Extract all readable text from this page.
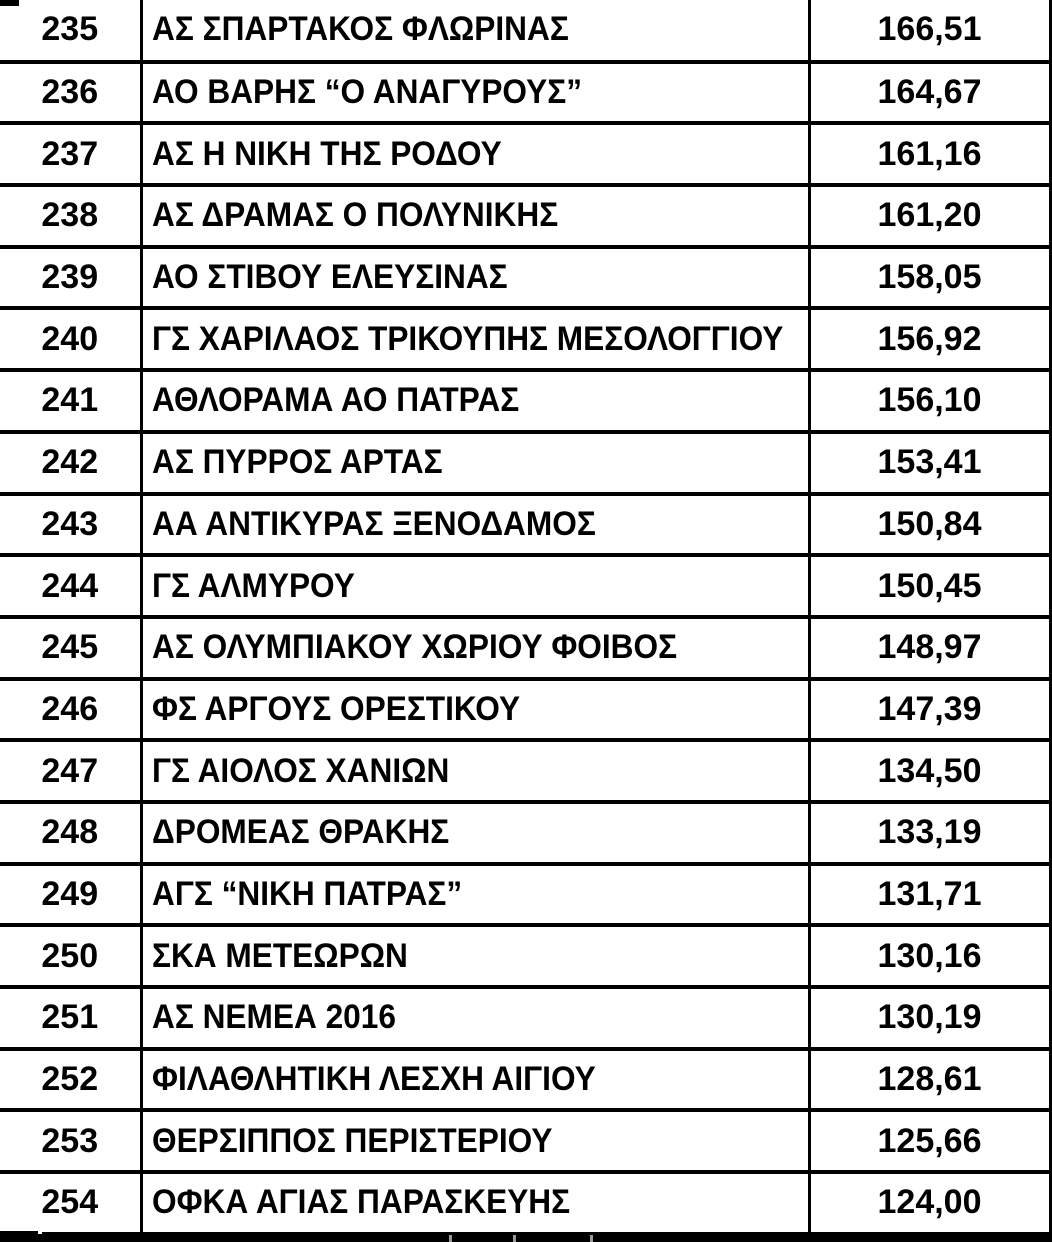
235	ΑΣ ΣΠΑΡΤΑΚΟΣ ΦΛΩΡΙΝΑΣ	166,51
236	ΑΟ ΒΑΡΗΣ “Ο ΑΝΑΓΥΡΟΥΣ”	164,67
237	ΑΣ Η ΝΙΚΗ ΤΗΣ ΡΟΔΟΥ	161,16
238	ΑΣ ΔΡΑΜΑΣ Ο ΠΟΛΥΝΙΚΗΣ	161,20
239	ΑΟ ΣΤΙΒΟΥ ΕΛΕΥΣΙΝΑΣ	158,05
240	ΓΣ ΧΑΡΙΛΑΟΣ ΤΡΙΚΟΥΠΗΣ ΜΕΣΟΛΟΓΓΙΟΥ	156,92
241	ΑΘΛΟΡΑΜΑ ΑΟ ΠΑΤΡΑΣ	156,10
242	ΑΣ ΠΥΡΡΟΣ ΑΡΤΑΣ	153,41
243	ΑΑ ΑΝΤΙΚΥΡΑΣ ΞΕΝΟΔΑΜΟΣ	150,84
244	ΓΣ ΑΛΜΥΡΟΥ	150,45
245	ΑΣ ΟΛΥΜΠΙΑΚΟΥ ΧΩΡΙΟΥ ΦΟΙΒΟΣ	148,97
246	ΦΣ ΑΡΓΟΥΣ ΟΡΕΣΤΙΚΟΥ	147,39
247	ΓΣ ΑΙΟΛΟΣ ΧΑΝΙΩΝ	134,50
248	ΔΡΟΜΕΑΣ ΘΡΑΚΗΣ	133,19
249	ΑΓΣ “ΝΙΚΗ ΠΑΤΡΑΣ”	131,71
250	ΣΚΑ ΜΕΤΕΩΡΩΝ	130,16
251	ΑΣ ΝΕΜΕΑ 2016	130,19
252	ΦΙΛΑΘΛΗΤΙΚΗ ΛΕΣΧΗ ΑΙΓΙΟΥ	128,61
253	ΘΕΡΣΙΠΠΟΣ ΠΕΡΙΣΤΕΡΙΟΥ	125,66
254	ΟΦΚΑ ΑΓΙΑΣ ΠΑΡΑΣΚΕΥΗΣ	124,00
